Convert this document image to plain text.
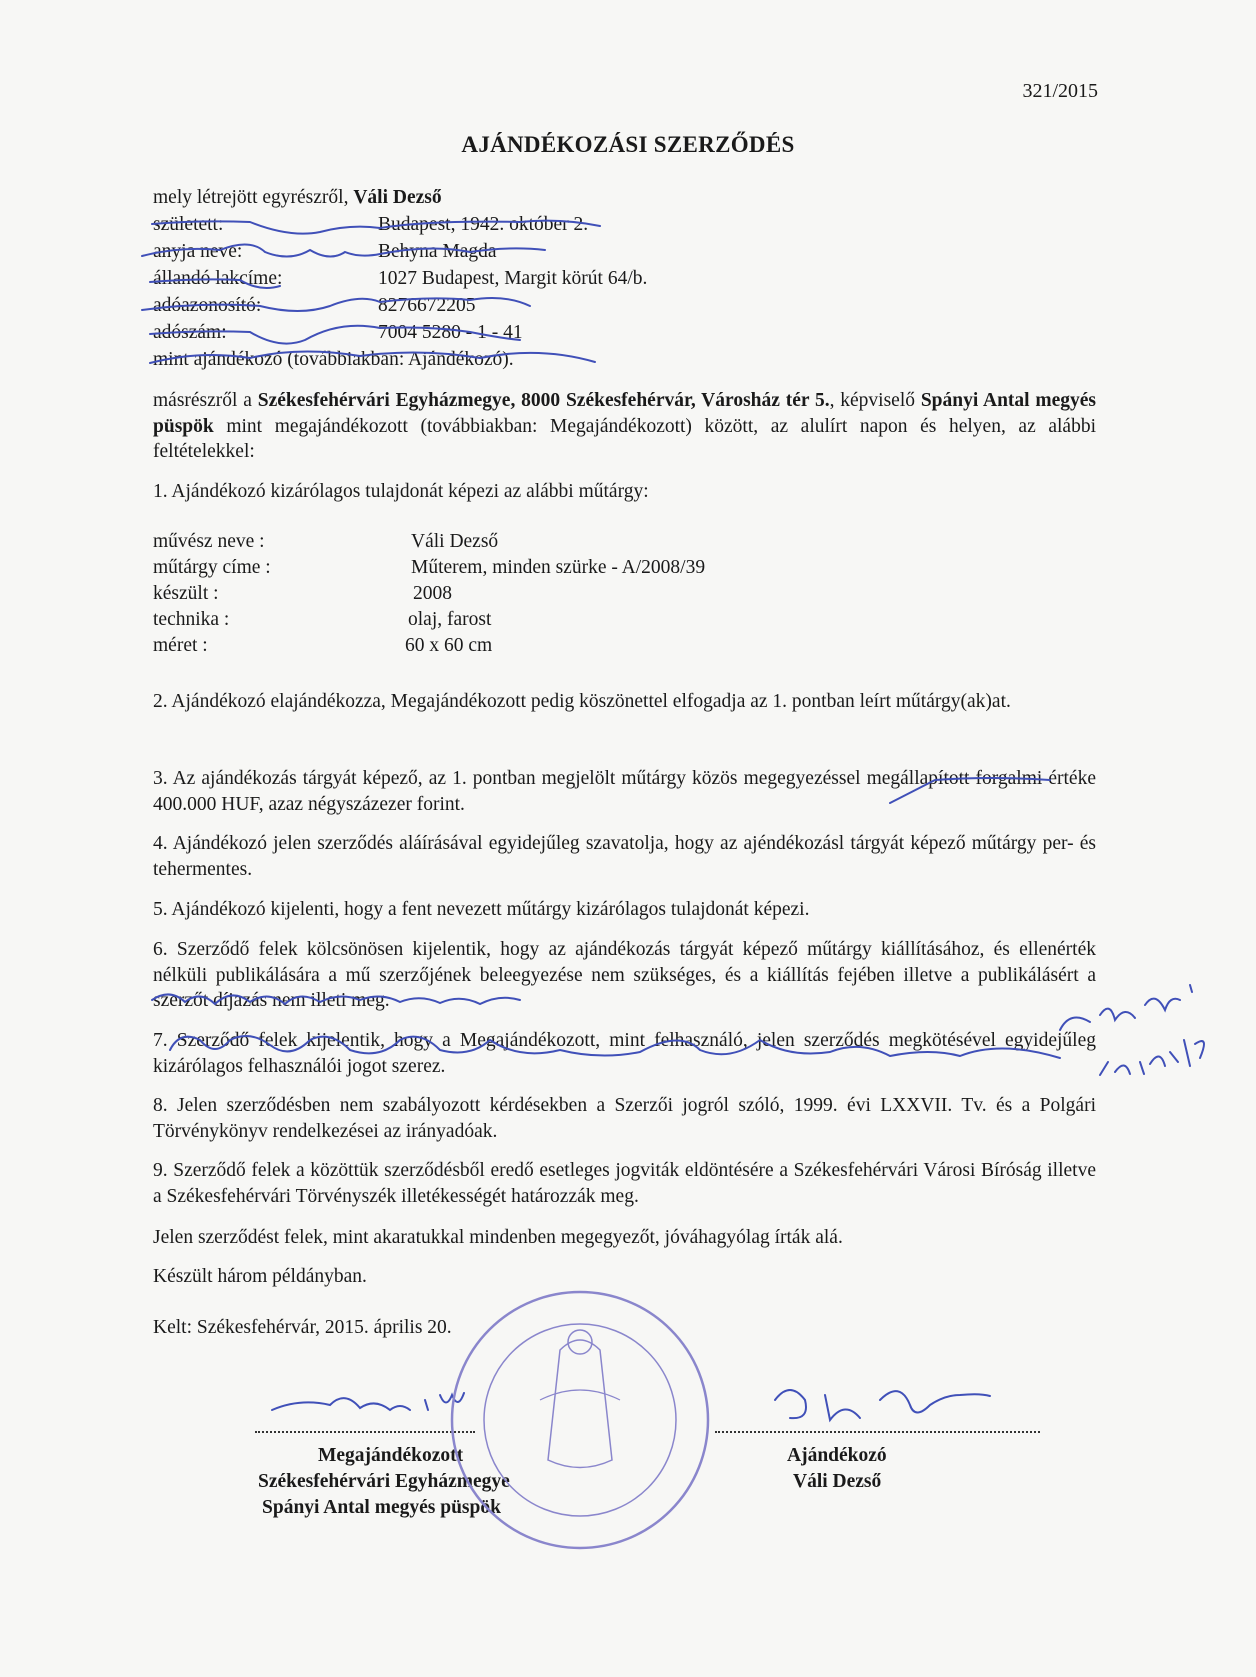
321/2015
AJÁNDÉKOZÁSI SZERZŐDÉS
mely létrejött egyrészről, Váli Dezső
született:	Budapest, 1942. október 2.
anyja neve:	Behyna Magda
állandó lakcíme:	1027 Budapest, Margit körút 64/b.
adóazonosító:	8276672205
adószám:	7004 5280 - 1 - 41
mint ajándékozó (továbbiakban: Ajándékozó).
másrészről a Székesfehérvári Egyházmegye, 8000 Székesfehérvár, Városház tér 5., képviselő Spányi Antal megyés püspök mint megajándékozott (továbbiakban: Megajándékozott) között, az alulírt napon és helyen, az alábbi feltételekkel:
1. Ajándékozó kizárólagos tulajdonát képezi az alábbi műtárgy:
művész neve :	Váli Dezső
műtárgy címe :	Műterem, minden szürke - A/2008/39
készült :	2008
technika :	olaj, farost
méret :	60 x 60 cm
2. Ajándékozó elajándékozza, Megajándékozott pedig köszönettel elfogadja az 1. pontban leírt műtárgy(ak)at.
3. Az ajándékozás tárgyát képező, az 1. pontban megjelölt műtárgy közös megegyezéssel megállapított forgalmi értéke 400.000 HUF, azaz négyszázezer forint.
4. Ajándékozó jelen szerződés aláírásával egyidejűleg szavatolja, hogy az ajéndékozásl tárgyát képező műtárgy per- és tehermentes.
5. Ajándékozó kijelenti, hogy a fent nevezett műtárgy kizárólagos tulajdonát képezi.
6. Szerződő felek kölcsönösen kijelentik, hogy az ajándékozás tárgyát képező műtárgy kiállításához, és ellenérték nélküli publikálására a mű szerzőjének beleegyezése nem szükséges, és a kiállítás fejében illetve a publikálásért a szerzőt díjazás nem illeti meg.
7. Szerződő felek kijelentik, hogy a Megajándékozott, mint felhasználó, jelen szerződés megkötésével egyidejűleg kizárólagos felhasználói jogot szerez.
8. Jelen szerződésben nem szabályozott kérdésekben a Szerzői jogról szóló, 1999. évi LXXVII. Tv. és a Polgári Törvénykönyv rendelkezései az irányadóak.
9. Szerződő felek a közöttük szerződésből eredő esetleges jogviták eldöntésére a Székesfehérvári Városi Bíróság illetve a Székesfehérvári Törvényszék illetékességét határozzák meg.
Jelen szerződést felek, mint akaratukkal mindenben megegyezőt, jóváhagyólag írták alá.
Készült három példányban.
Kelt: Székesfehérvár, 2015. április 20.
Megajándékozott
Székesfehérvári Egyházmegye
Spányi Antal megyés püspök
Ajándékozó
Váli Dezső
